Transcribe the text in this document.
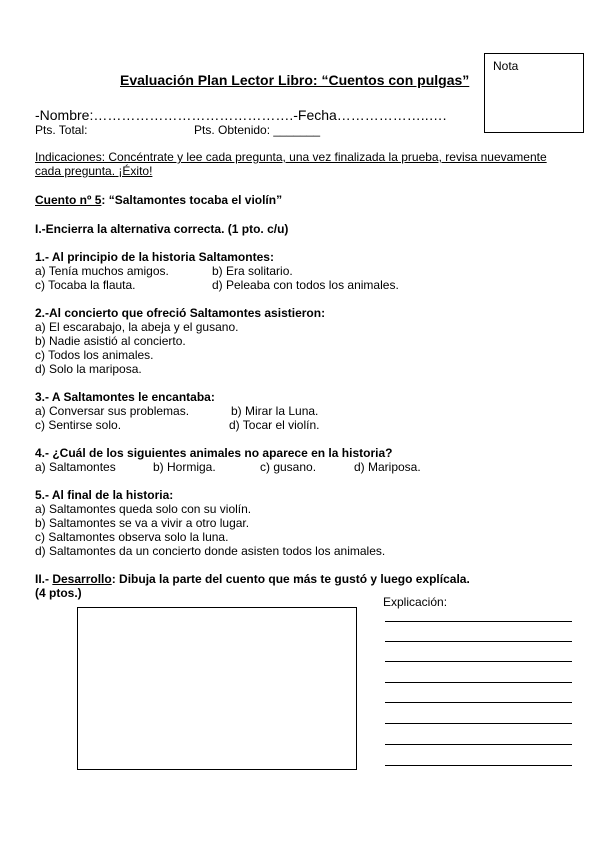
Nota
Evaluación Plan Lector Libro: “Cuentos con pulgas”
-Nombre:…………………………………….-Fecha………………..….
Pts. Total:	Pts. Obtenido: _______
Indicaciones: Concéntrate y lee cada pregunta, una vez finalizada la prueba, revisa nuevamente cada pregunta. ¡Éxito!
Cuento nº 5: “Saltamontes tocaba el violín”
I.-Encierra la alternativa correcta. (1 pto. c/u)
1.- Al principio de la historia Saltamontes:
a) Tenía muchos amigos.	b) Era solitario.
c) Tocaba la flauta.	d) Peleaba con todos los animales.
2.-Al concierto que ofreció Saltamontes asistieron:
a) El escarabajo, la abeja y el gusano.
b) Nadie asistió al concierto.
c) Todos los animales.
d) Solo la mariposa.
3.- A Saltamontes le encantaba:
a) Conversar sus problemas.	b) Mirar la Luna.
c) Sentirse solo.	d) Tocar el violín.
4.- ¿Cuál de los siguientes animales no aparece en la historia?
a) Saltamontes	b) Hormiga.	c) gusano.	d) Mariposa.
5.- Al final de la historia:
a) Saltamontes queda solo con su violín.
b) Saltamontes se va a vivir a otro lugar.
c) Saltamontes observa solo la luna.
d) Saltamontes da un concierto donde asisten todos los animales.
II.- Desarrollo: Dibuja la parte del cuento que más te gustó y luego explícala.
(4 ptos.)
Explicación:
